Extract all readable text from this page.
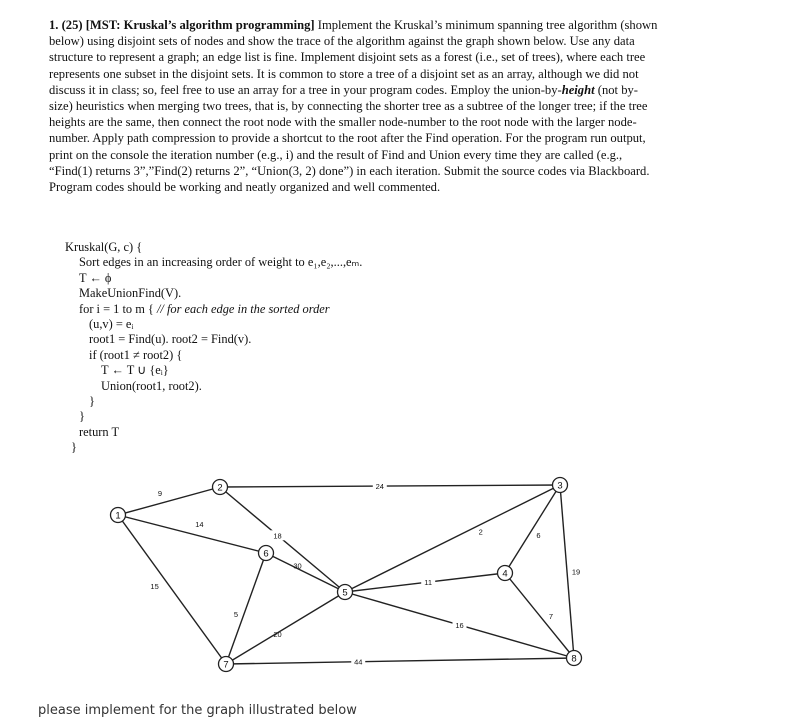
1. (25) [MST: Kruskal’s algorithm programming] Implement the Kruskal’s minimum spanning tree algorithm (shown below) using disjoint sets of nodes and show the trace of the algorithm against the graph shown below. Use any data structure to represent a graph; an edge list is fine. Implement disjoint sets as a forest (i.e., set of trees), where each tree represents one subset in the disjoint sets. It is common to store a tree of a disjoint set as an array, although we did not discuss it in class; so, feel free to use an array for a tree in your program codes. Employ the union-by-height (not by-size) heuristics when merging two trees, that is, by connecting the shorter tree as a subtree of the longer tree; if the tree heights are the same, then connect the root node with the smaller node-number to the root node with the larger node-number. Apply path compression to provide a shortcut to the root after the Find operation. For the program run output, print on the console the iteration number (e.g., i) and the result of Find and Union every time they are called (e.g., “Find(1) returns 3”,”Find(2) returns 2”, “Union(3, 2) done”) in each iteration. Submit the source codes via Blackboard. Program codes should be working and neatly organized and well commented.

Kruskal(G, c) {
Sort edges in an increasing order of weight to e₁,e₂,...,eₘ.
T ← ϕ
MakeUnionFind(V).
for i = 1 to m { // for each edge in the sorted order
(u,v) = eᵢ
root1 = Find(u). root2 = Find(v).
if (root1 ≠ root2) {
T ← T ∪ {eᵢ}
Union(root1, root2).
}
}
return T
}
9
14
15
24
18	2	6
19
11
7
30
20
16
5
44
1
2	3
4
5
6
7
8
please implement for the graph illustrated below
